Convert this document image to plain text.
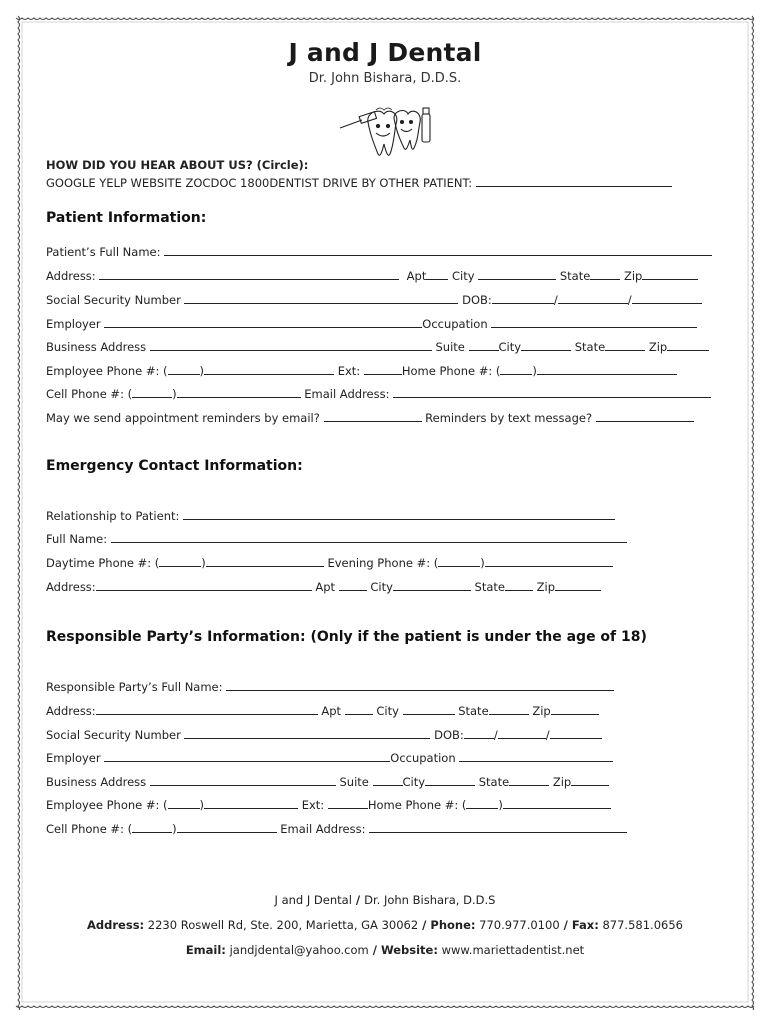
J and J Dental
Dr. John Bishara, D.D.S.
HOW DID YOU HEAR ABOUT US? (Circle):
GOOGLE YELP WEBSITE ZOCDOC 1800DENTIST DRIVE BY OTHER PATIENT:
Patient Information:
Patient’s Full Name:
Address:	Apt City	State	Zip
Social Security Number	DOB:	/	/
Employer	Occupation
Business Address	Suite	City	State	Zip
Employee Phone #: (	)	Ext:	Home Phone #: (	)
Cell Phone #: (	)	Email Address:
May we send appointment reminders by email?	Reminders by text message?
Emergency Contact Information:
Relationship to Patient:
Full Name:
Daytime Phone #: (	)	Evening Phone #: (	)
Address:	Apt	City	State	Zip
Responsible Party’s Information: (Only if the patient is under the age of 18)
Responsible Party’s Full Name:
Address:	Apt	City	State	Zip
Social Security Number	DOB:	/	/
Employer	Occupation
Business Address	Suite	City	State	Zip
Employee Phone #: (	)	Ext:	Home Phone #: (	)
Cell Phone #: (	)	Email Address:
J and J Dental / Dr. John Bishara, D.D.S
Address: 2230 Roswell Rd, Ste. 200, Marietta, GA 30062 / Phone: 770.977.0100 / Fax: 877.581.0656
Email: jandjdental@yahoo.com / Website: www.mariettadentist.net
